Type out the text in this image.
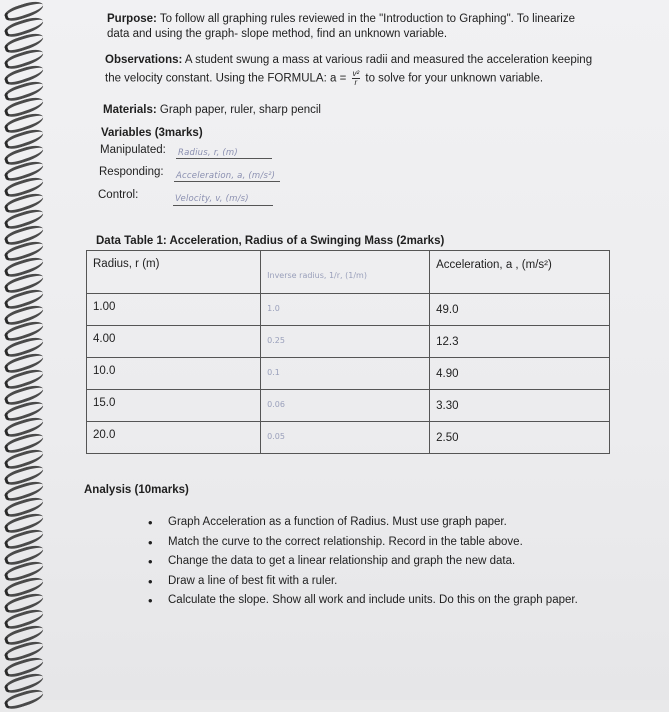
Purpose: To follow all graphing rules reviewed in the "Introduction to Graphing". To linearize
data and using the graph- slope method, find an unknown variable.
Observations: A student swung a mass at various radii and measured the acceleration keeping
the velocity constant. Using the FORMULA: $a = \frac{\text{v²}}{r}$ to solve for your unknown variable.
Materials: Graph paper, ruler, sharp pencil
Variables (3marks)
Manipulated: Radius, r, (m)
Responding: Acceleration, a, (m/s²)
Control:	Velocity, v, (m/s)
Data Table 1: Acceleration, Radius of a Swinging Mass (2marks)
Radius, r (m)	Inverse radius, 1/r, (1/m)	Acceleration, a , (m/s²)

1.00	1.0	49.0

4.00	0.25	12.3

10.0	0.1	4.90

15.0	0.06	3.30

20.0	0.05	2.50
Analysis (10marks)
• Graph Acceleration as a function of Radius. Must use graph paper.
• Match the curve to the correct relationship. Record in the table above.
• Change the data to get a linear relationship and graph the new data.
• Draw a line of best fit with a ruler.
• Calculate the slope. Show all work and include units. Do this on the graph paper.
